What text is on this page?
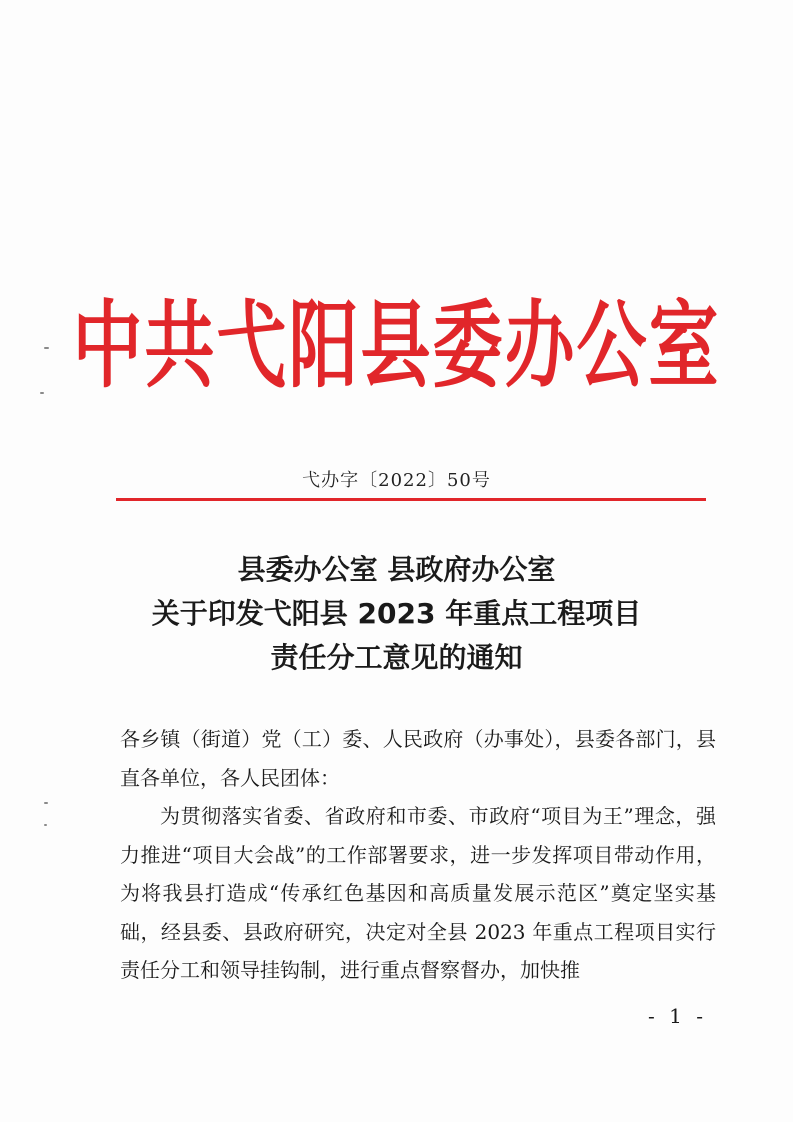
中共弋阳县委办公室
弋办字〔2022〕50号
县委办公室 县政府办公室
关于印发弋阳县 2023 年重点工程项目
责任分工意见的通知

各乡镇（街道）党（工）委、人民政府（办事处），县委各部门，县直各单位，各人民团体：

为贯彻落实省委、省政府和市委、市政府“项目为王”理念，强力推进“项目大会战”的工作部署要求，进一步发挥项目带动作用，为将我县打造成“传承红色基因和高质量发展示范区”奠定坚实基础，经县委、县政府研究，决定对全县 2023 年重点工程项目实行责任分工和领导挂钩制，进行重点督察督办，加快推

- 1 -
